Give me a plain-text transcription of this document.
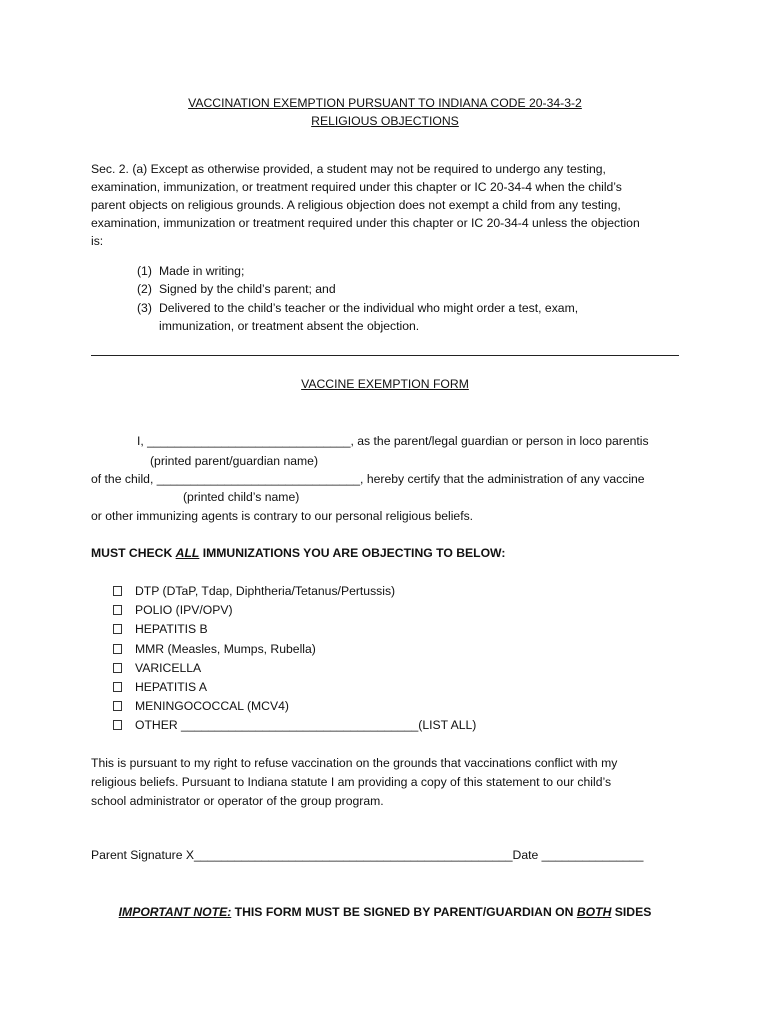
VACCINATION EXEMPTION PURSUANT TO INDIANA CODE 20-34-3-2
RELIGIOUS OBJECTIONS
Sec. 2. (a) Except as otherwise provided, a student may not be required to undergo any testing,
examination, immunization, or treatment required under this chapter or IC 20-34-4 when the child’s
parent objects on religious grounds. A religious objection does not exempt a child from any testing,
examination, immunization or treatment required under this chapter or IC 20-34-4 unless the objection
is:
(1) Made in writing;
(2) Signed by the child’s parent; and
(3) Delivered to the child’s teacher or the individual who might order a test, exam,
immunization, or treatment absent the objection.
VACCINE EXEMPTION FORM
I, ______________________________, as the parent/legal guardian or person in loco parentis
(printed parent/guardian name)
of the child, ______________________________, hereby certify that the administration of any vaccine
(printed child’s name)
or other immunizing agents is contrary to our personal religious beliefs.
MUST CHECK ALL IMMUNIZATIONS YOU ARE OBJECTING TO BELOW:
DTP (DTaP, Tdap, Diphtheria/Tetanus/Pertussis)
POLIO (IPV/OPV)
HEPATITIS B
MMR (Measles, Mumps, Rubella)
VARICELLA
HEPATITIS A
MENINGOCOCCAL (MCV4)
OTHER ___________________________________(LIST ALL)
This is pursuant to my right to refuse vaccination on the grounds that vaccinations conflict with my
religious beliefs. Pursuant to Indiana statute I am providing a copy of this statement to our child’s
school administrator or operator of the group program.
Parent Signature X_______________________________________________Date _______________
IMPORTANT NOTE: THIS FORM MUST BE SIGNED BY PARENT/GUARDIAN ON BOTH SIDES
